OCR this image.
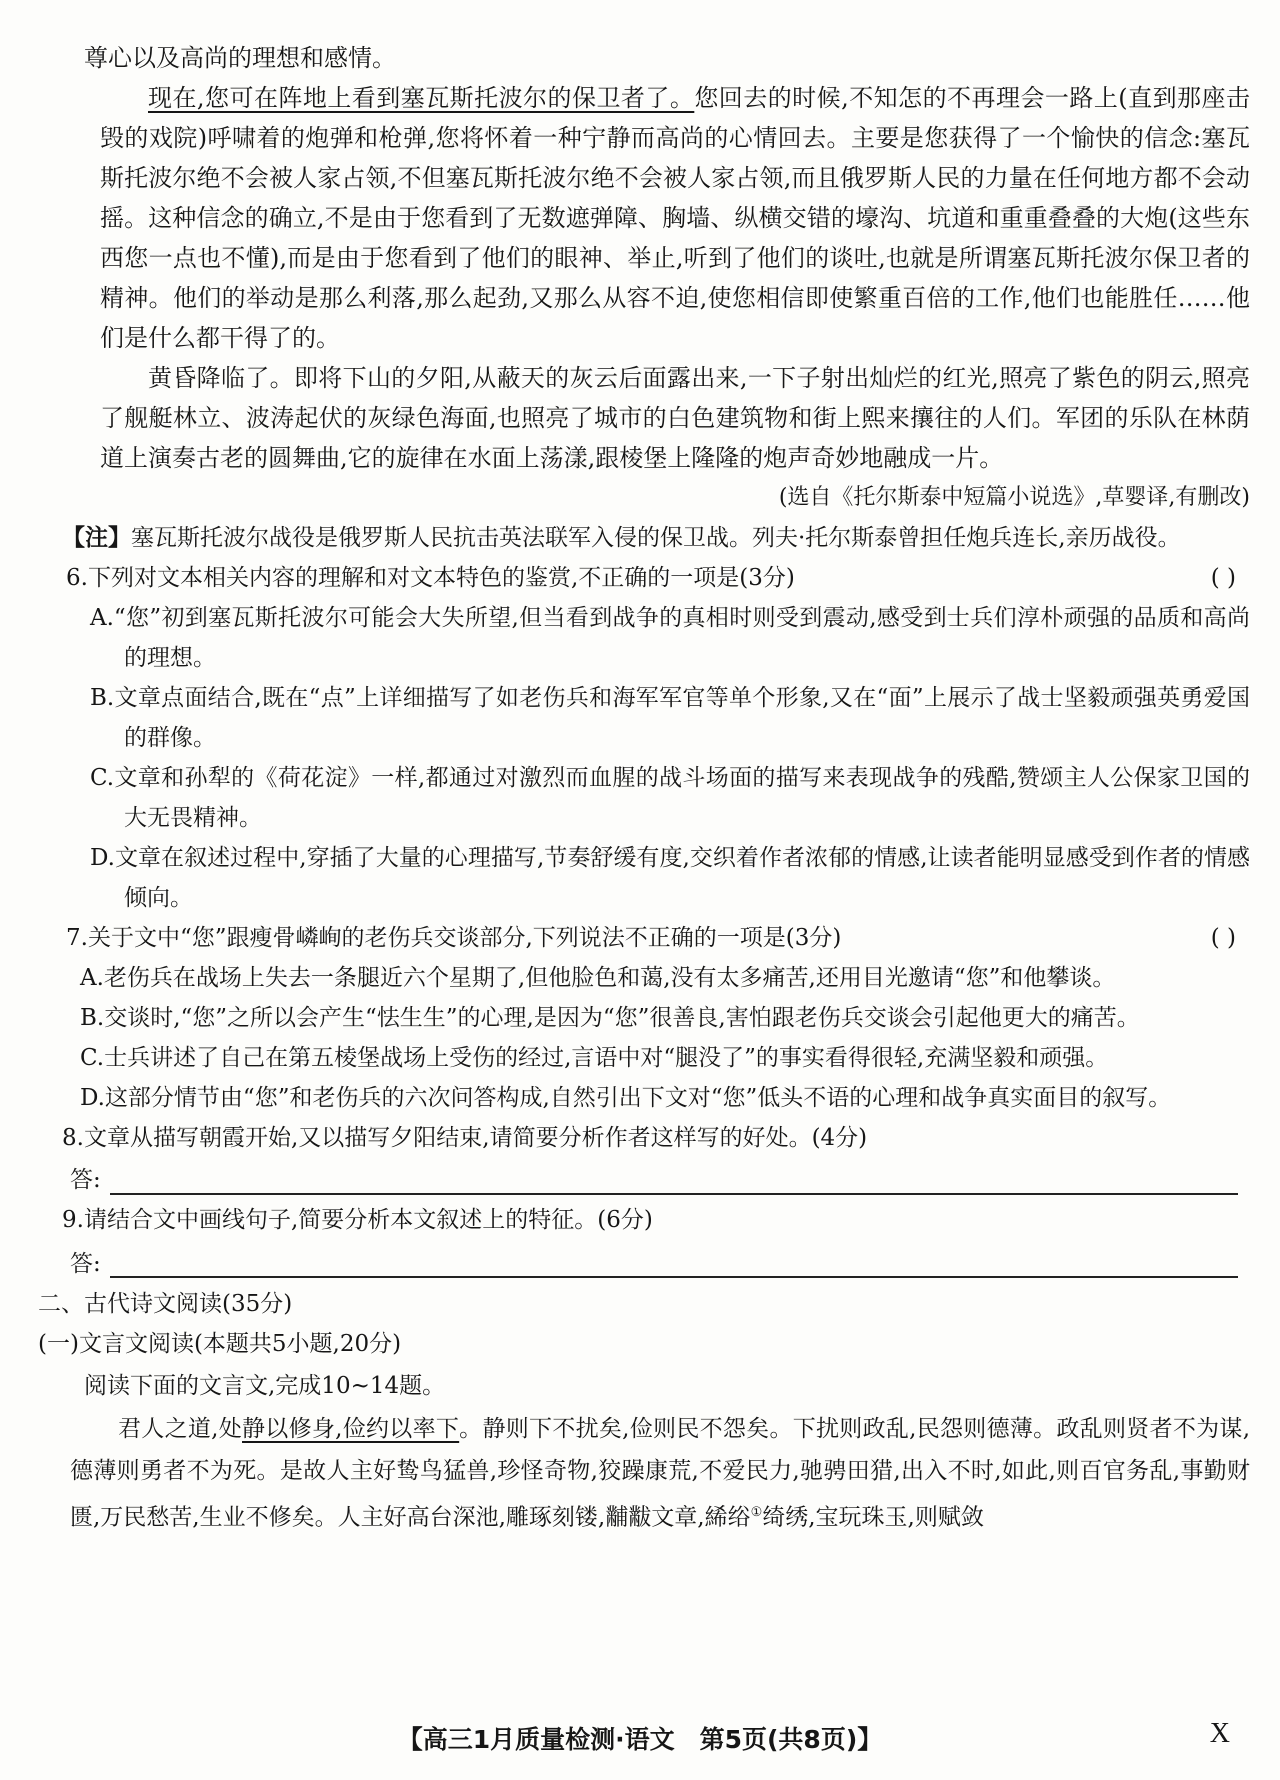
尊心以及高尚的理想和感情。

现在,您可在阵地上看到塞瓦斯托波尔的保卫者了。您回去的时候,不知怎的不再理会一路上(直到那座击毁的戏院)呼啸着的炮弹和枪弹,您将怀着一种宁静而高尚的心情回去。主要是您获得了一个愉快的信念:塞瓦斯托波尔绝不会被人家占领,不但塞瓦斯托波尔绝不会被人家占领,而且俄罗斯人民的力量在任何地方都不会动摇。这种信念的确立,不是由于您看到了无数遮弹障、胸墙、纵横交错的壕沟、坑道和重重叠叠的大炮(这些东西您一点也不懂),而是由于您看到了他们的眼神、举止,听到了他们的谈吐,也就是所谓塞瓦斯托波尔保卫者的精神。他们的举动是那么利落,那么起劲,又那么从容不迫,使您相信即使繁重百倍的工作,他们也能胜任……他们是什么都干得了的。

黄昏降临了。即将下山的夕阳,从蔽天的灰云后面露出来,一下子射出灿烂的红光,照亮了紫色的阴云,照亮了舰艇林立、波涛起伏的灰绿色海面,也照亮了城市的白色建筑物和街上熙来攘往的人们。军团的乐队在林荫道上演奏古老的圆舞曲,它的旋律在水面上荡漾,跟棱堡上隆隆的炮声奇妙地融成一片。

(选自《托尔斯泰中短篇小说选》,草婴译,有删改)

【注】塞瓦斯托波尔战役是俄罗斯人民抗击英法联军入侵的保卫战。列夫·托尔斯泰曾担任炮兵连长,亲历战役。

6.下列对文本相关内容的理解和对文本特色的鉴赏,不正确的一项是(3分)	( )
A.“您”初到塞瓦斯托波尔可能会大失所望,但当看到战争的真相时则受到震动,感受到士兵们淳朴顽强的品质和高尚的理想。
B.文章点面结合,既在“点”上详细描写了如老伤兵和海军军官等单个形象,又在“面”上展示了战士坚毅顽强英勇爱国的群像。
C.文章和孙犁的《荷花淀》一样,都通过对激烈而血腥的战斗场面的描写来表现战争的残酷,赞颂主人公保家卫国的大无畏精神。
D.文章在叙述过程中,穿插了大量的心理描写,节奏舒缓有度,交织着作者浓郁的情感,让读者能明显感受到作者的情感倾向。
7.关于文中“您”跟瘦骨嶙峋的老伤兵交谈部分,下列说法不正确的一项是(3分)	( )
A.老伤兵在战场上失去一条腿近六个星期了,但他脸色和蔼,没有太多痛苦,还用目光邀请“您”和他攀谈。
B.交谈时,“您”之所以会产生“怯生生”的心理,是因为“您”很善良,害怕跟老伤兵交谈会引起他更大的痛苦。
C.士兵讲述了自己在第五棱堡战场上受伤的经过,言语中对“腿没了”的事实看得很轻,充满坚毅和顽强。
D.这部分情节由“您”和老伤兵的六次问答构成,自然引出下文对“您”低头不语的心理和战争真实面目的叙写。
8.文章从描写朝霞开始,又以描写夕阳结束,请简要分析作者这样写的好处。(4分)
答:
9.请结合文中画线句子,简要分析本文叙述上的特征。(6分)
答:
二、古代诗文阅读(35分)
(一)文言文阅读(本题共5小题,20分)
阅读下面的文言文,完成10~14题。

君人之道,处静以修身,俭约以率下。静则下不扰矣,俭则民不怨矣。下扰则政乱,民怨则德薄。政乱则贤者不为谋,德薄则勇者不为死。是故人主好鸷鸟猛兽,珍怪奇物,狡躁康荒,不爱民力,驰骋田猎,出入不时,如此,则百官务乱,事勤财匮,万民愁苦,生业不修矣。人主好高台深池,雕琢刻镂,黼黻文章,絺绤①绮绣,宝玩珠玉,则赋敛

【高三1月质量检测·语文　第5页(共8页)】	X
